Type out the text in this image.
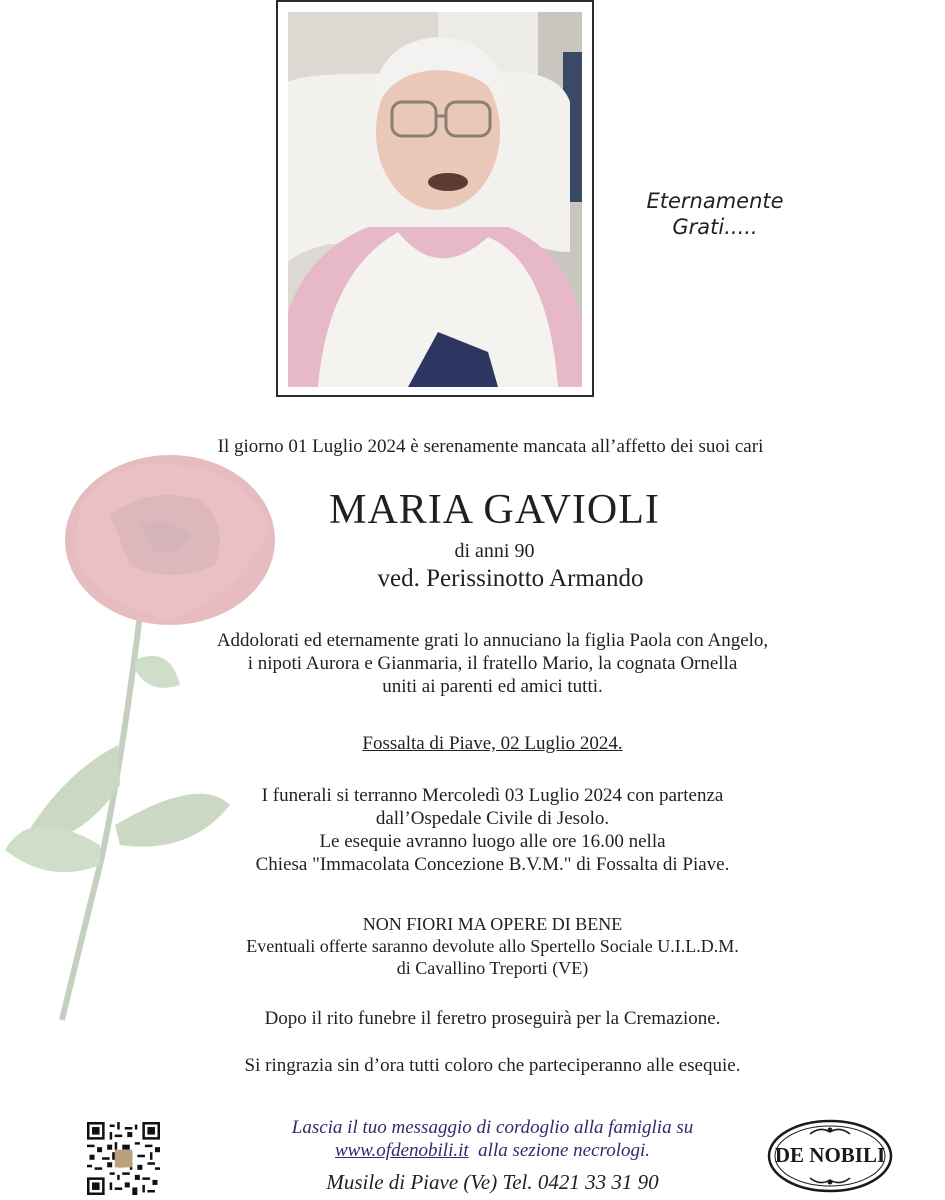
Eternamente
Grati.....
Il giorno 01 Luglio 2024 è serenamente mancata all’affetto dei suoi cari
MARIA GAVIOLI
di anni 90
ved. Perissinotto Armando
Addolorati ed eternamente grati lo annuciano la figlia Paola con Angelo,
i nipoti Aurora e Gianmaria, il fratello Mario, la cognata Ornella
uniti ai parenti ed amici tutti.
Fossalta di Piave, 02 Luglio 2024.
I funerali si terranno Mercoledì 03 Luglio 2024 con partenza
dall’Ospedale Civile di Jesolo.
Le esequie avranno luogo alle ore 16.00 nella
Chiesa "Immacolata Concezione B.V.M." di Fossalta di Piave.
NON FIORI MA OPERE DI BENE
Eventuali offerte saranno devolute allo Spertello Sociale U.I.L.D.M.
di Cavallino Treporti (VE)
Dopo il rito funebre il feretro proseguirà per la Cremazione.
Si ringrazia sin d’ora tutti coloro che parteciperanno alle esequie.
Lascia il tuo messaggio di cordoglio alla famiglia su
www.ofdenobili.it  alla sezione necrologi.
Musile di Piave (Ve) Tel. 0421 33 31 90
DE NOBILI
